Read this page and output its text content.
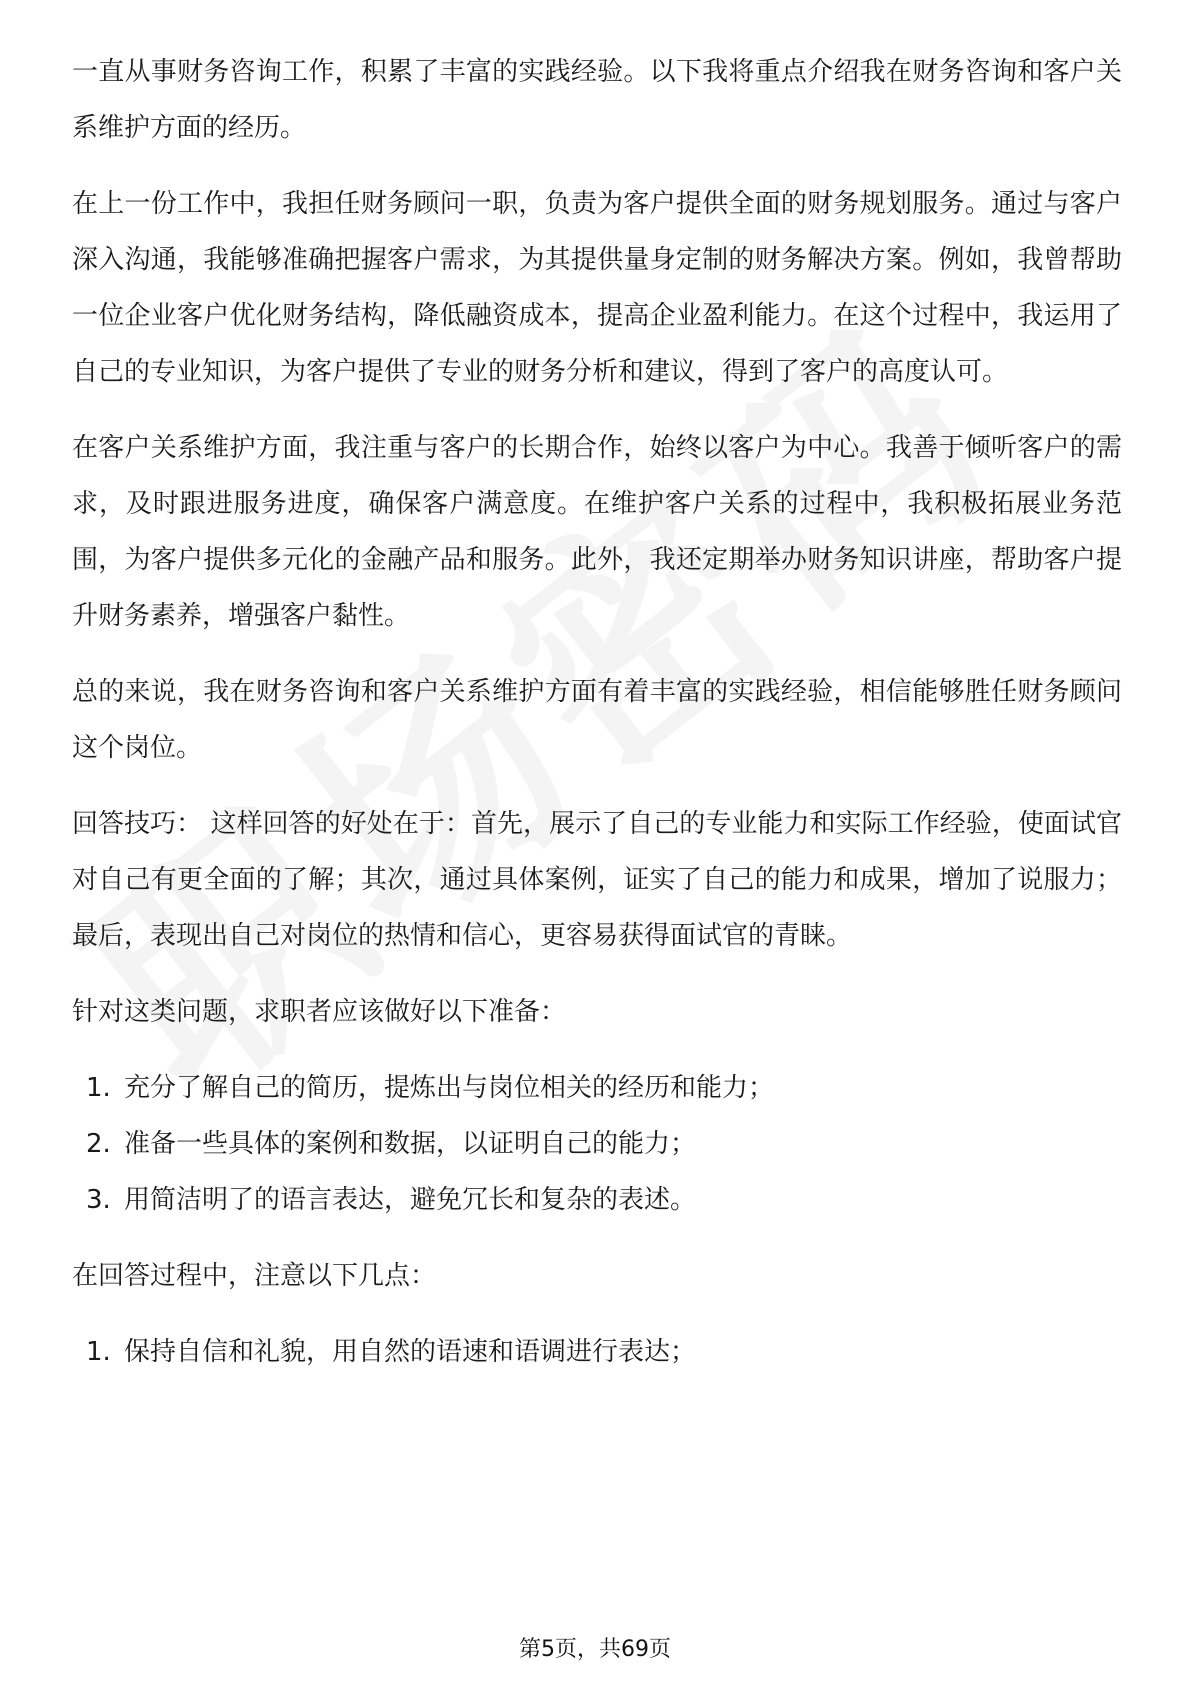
一直从事财务咨询工作，积累了丰富的实践经验。以下我将重点介绍我在财务咨询和客户关系维护方面的经历。

在上一份工作中，我担任财务顾问一职，负责为客户提供全面的财务规划服务。通过与客户深入沟通，我能够准确把握客户需求，为其提供量身定制的财务解决方案。例如，我曾帮助一位企业客户优化财务结构，降低融资成本，提高企业盈利能力。在这个过程中，我运用了自己的专业知识，为客户提供了专业的财务分析和建议，得到了客户的高度认可。

在客户关系维护方面，我注重与客户的长期合作，始终以客户为中心。我善于倾听客户的需求，及时跟进服务进度，确保客户满意度。在维护客户关系的过程中，我积极拓展业务范围，为客户提供多元化的金融产品和服务。此外，我还定期举办财务知识讲座，帮助客户提升财务素养，增强客户黏性。

总的来说，我在财务咨询和客户关系维护方面有着丰富的实践经验，相信能够胜任财务顾问这个岗位。

回答技巧： 这样回答的好处在于：首先，展示了自己的专业能力和实际工作经验，使面试官对自己有更全面的了解；其次，通过具体案例，证实了自己的能力和成果，增加了说服力；最后，表现出自己对岗位的热情和信心，更容易获得面试官的青睐。

针对这类问题，求职者应该做好以下准备：

1. 充分了解自己的简历，提炼出与岗位相关的经历和能力；
2. 准备一些具体的案例和数据，以证明自己的能力；
3. 用简洁明了的语言表达，避免冗长和复杂的表述。

在回答过程中，注意以下几点：

1. 保持自信和礼貌，用自然的语速和语调进行表达；
第5页，共69页
